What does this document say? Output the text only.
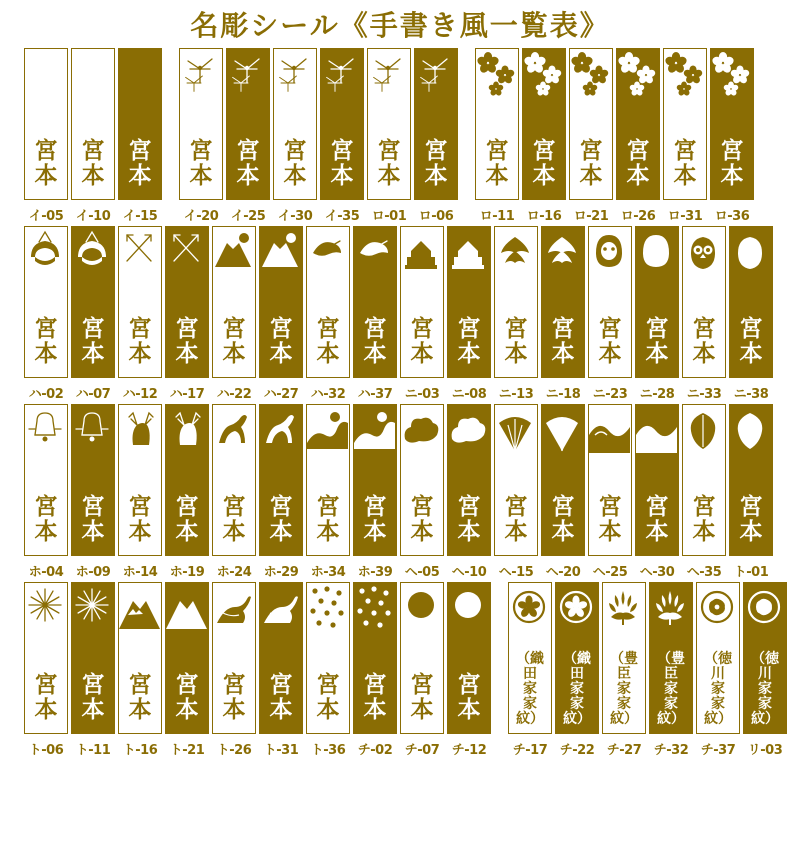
名彫シール《手書き風一覧表》
宮
本
イ-05
宮
本
イ-10
宮
本
イ-15
宮
本
イ-20
宮
本
イ-25
宮
本
イ-30
宮
本
イ-35
宮
本
ロ-01
宮
本
ロ-06
宮
本
ロ-11
宮
本
ロ-16
宮
本
ロ-21
宮
本
ロ-26
宮
本
ロ-31
宮
本
ロ-36
宮
本
ハ-02
宮
本
ハ-07
宮
本
ハ-12
宮
本
ハ-17
宮
本
ハ-22
宮
本
ハ-27
宮
本
ハ-32
宮
本
ハ-37
宮
本
ニ-03
宮
本
ニ-08
宮
本
ニ-13
宮
本
ニ-18
宮
本
ニ-23
宮
本
ニ-28
宮
本
ニ-33
宮
本
ニ-38
宮
本
ホ-04
宮
本
ホ-09
宮
本
ホ-14
宮
本
ホ-19
宮
本
ホ-24
宮
本
ホ-29
宮
本
ホ-34
宮
本
ホ-39
宮
本
ヘ-05
宮
本
ヘ-10
宮
本
ヘ-15
宮
本
ヘ-20
宮
本
ヘ-25
宮
本
ヘ-30
宮
本
ヘ-35
宮
本
ト-01
宮
本
ト-06
宮
本
ト-11
宮
本
ト-16
宮
本
ト-21
宮
本
ト-26
宮
本
ト-31
宮
本
ト-36
宮
本
チ-02
宮
本
チ-07
宮
本
チ-12
（織
田
家
家
紋）
チ-17
（織
田
家
家
紋）
チ-22
（豊
臣
家
家
紋）
チ-27
（豊
臣
家
家
紋）
チ-32
（徳
川
家
家
紋）
チ-37
（徳
川
家
家
紋）
リ-03
